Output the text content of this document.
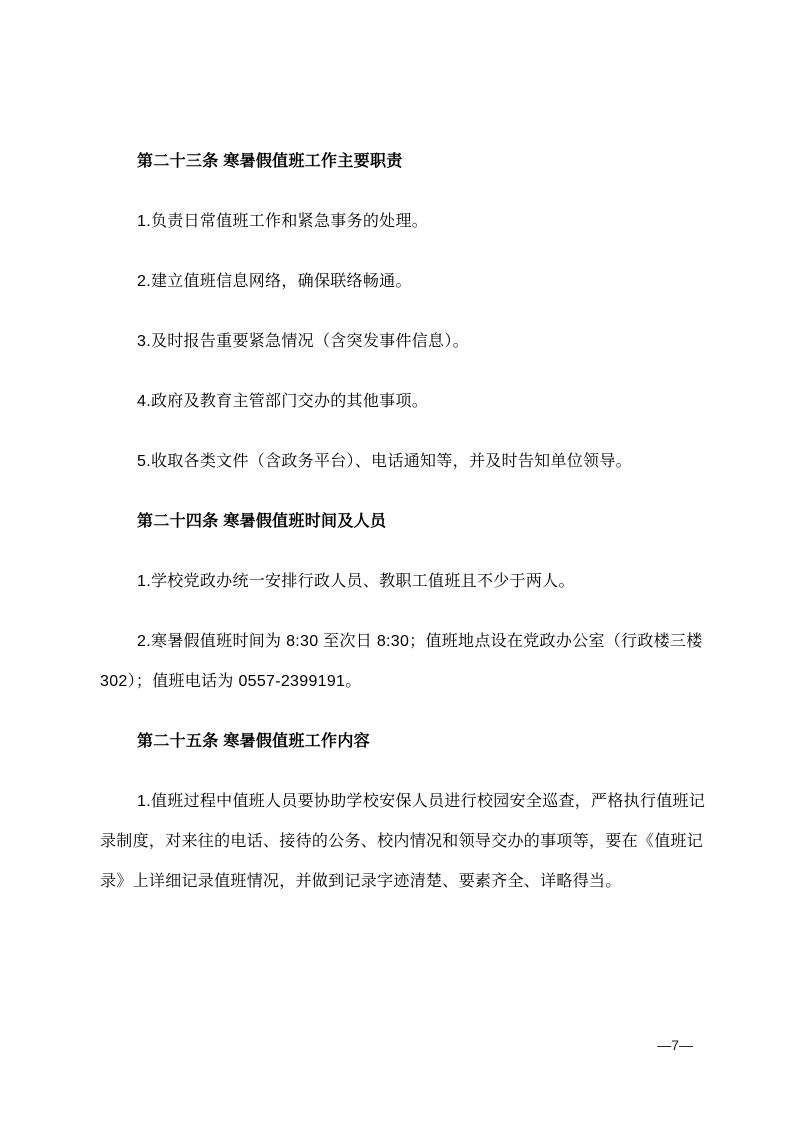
第二十三条 寒暑假值班工作主要职责
1.负责日常值班工作和紧急事务的处理。
2.建立值班信息网络，确保联络畅通。
3.及时报告重要紧急情况（含突发事件信息）。
4.政府及教育主管部门交办的其他事项。
5.收取各类文件（含政务平台）、电话通知等，并及时告知单位领导。
第二十四条 寒暑假值班时间及人员
1.学校党政办统一安排行政人员、教职工值班且不少于两人。
2.寒暑假值班时间为 8:30 至次日 8:30；值班地点设在党政办公室（行政楼三楼
302）；值班电话为 0557-2399191。
第二十五条 寒暑假值班工作内容
1.值班过程中值班人员要协助学校安保人员进行校园安全巡查，严格执行值班记
录制度，对来往的电话、接待的公务、校内情况和领导交办的事项等，要在《值班记
录》上详细记录值班情况，并做到记录字迹清楚、要素齐全、详略得当。
—7—
